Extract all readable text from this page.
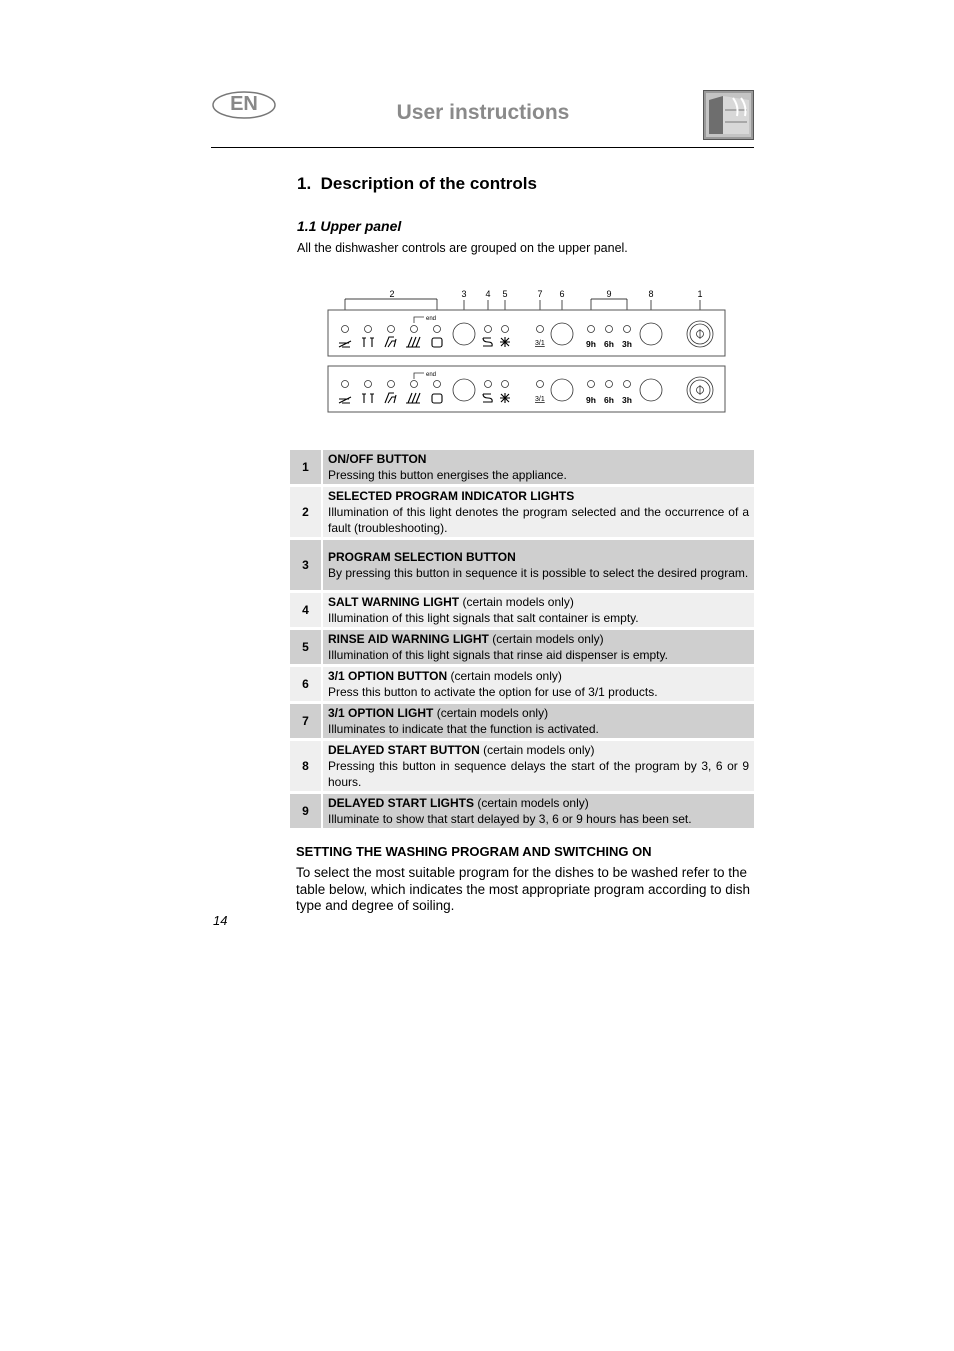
EN	User instructions
1.  Description of the controls
1.1 Upper panel
All the dishwasher controls are grouped on the upper panel.
2	3 4 5	7 6	9	8	1
end
3/1	9h 6h 3h
end
3/1	9h 6h 3h
1	ON/OFF BUTTON
Pressing this button energises the appliance.
2	SELECTED PROGRAM INDICATOR LIGHTS
Illumination of this light denotes the program selected and the occurrence of a fault (troubleshooting).
3	PROGRAM SELECTION BUTTON
By pressing this button in sequence it is possible to select the desired program.
4	SALT WARNING LIGHT (certain models only)
Illumination of this light signals that salt container is empty.
5	RINSE AID WARNING LIGHT (certain models only)
Illumination of this light signals that rinse aid dispenser is empty.
6	3/1 OPTION BUTTON (certain models only)
Press this button to activate the option for use of 3/1 products.
7	3/1 OPTION LIGHT (certain models only)
Illuminates to indicate that the function is activated.
8	DELAYED START BUTTON (certain models only)
Pressing this button in sequence delays the start of the program by 3, 6 or 9 hours.
9	DELAYED START LIGHTS (certain models only)
Illuminate to show that start delayed by 3, 6 or 9 hours has been set.
SETTING THE WASHING PROGRAM AND SWITCHING ON
To select the most suitable program for the dishes to be washed refer to the table below, which indicates the most appropriate program according to dish type and degree of soiling.
14
